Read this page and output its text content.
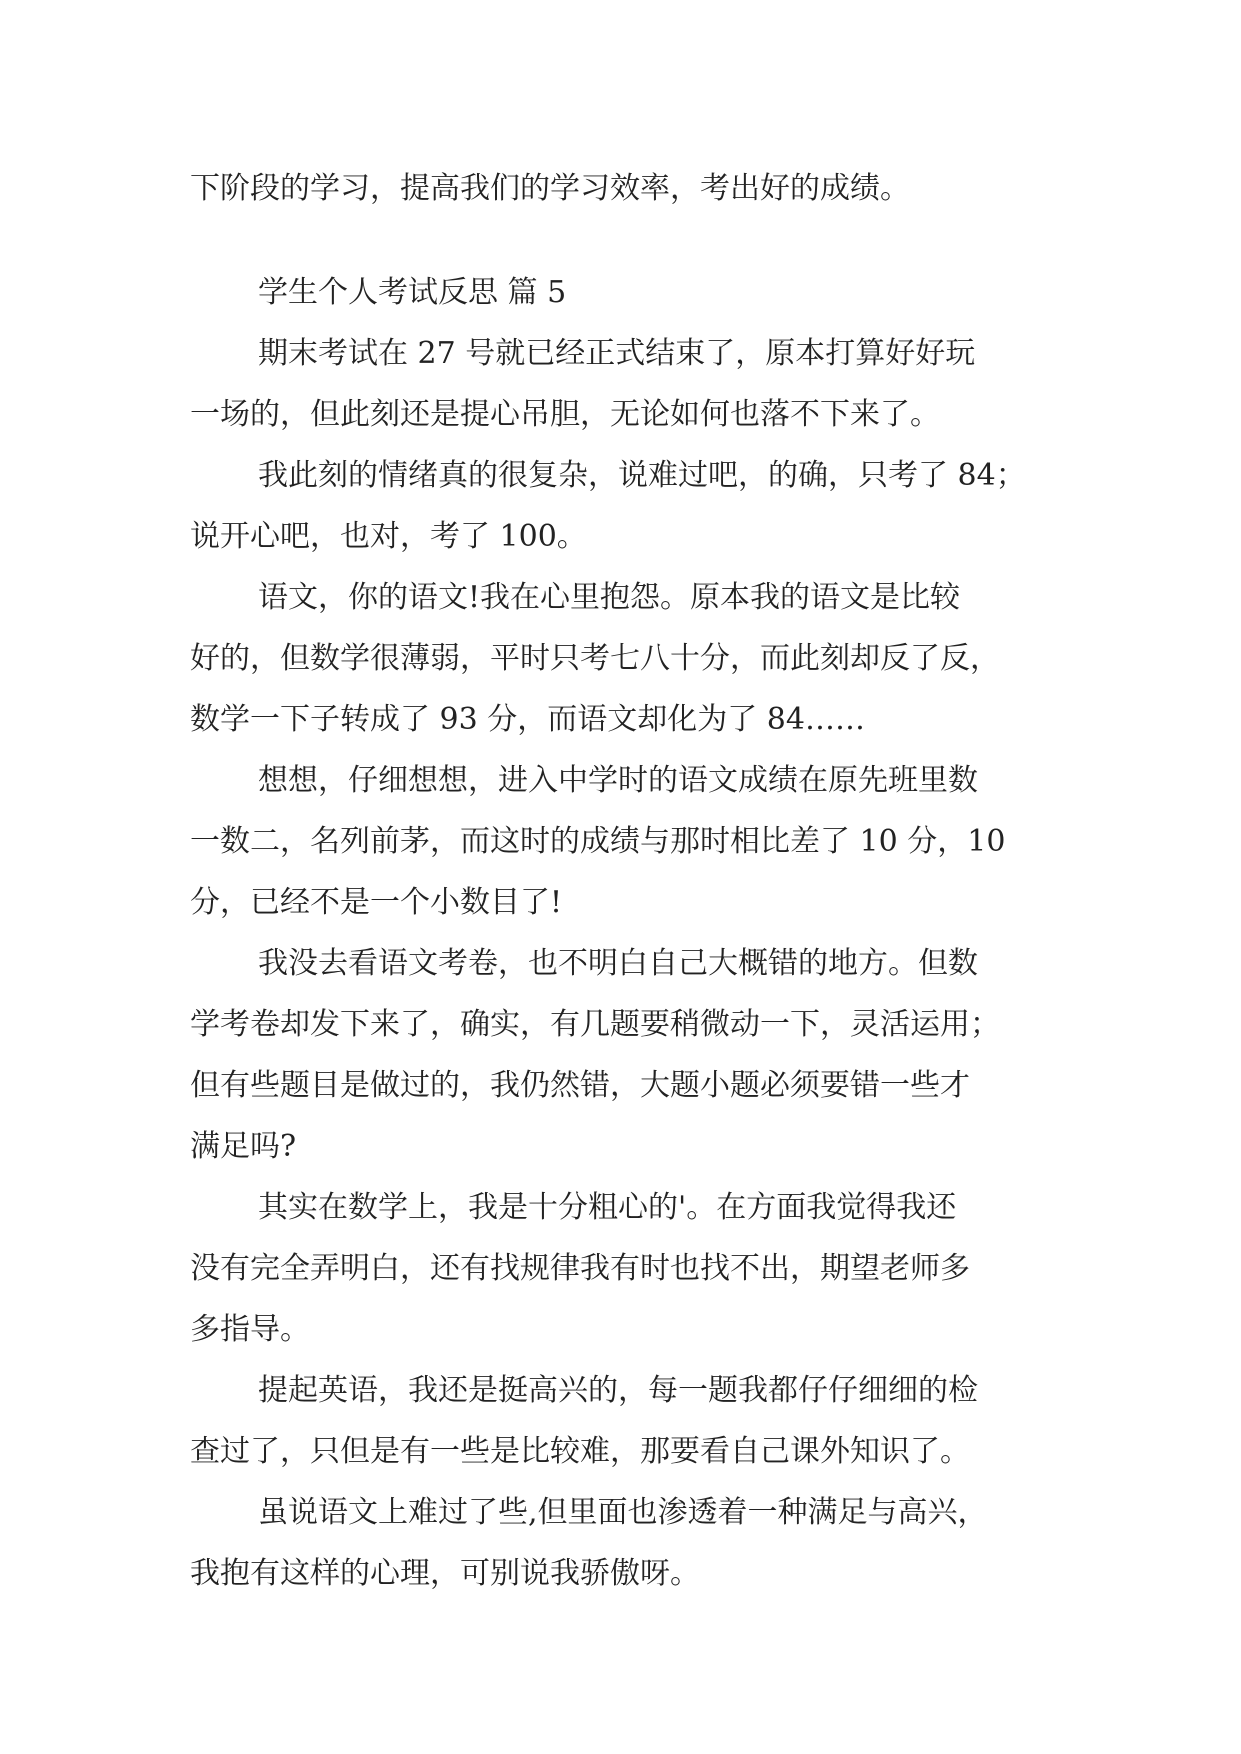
下阶段的学习，提高我们的学习效率，考出好的成绩。
学生个人考试反思 篇 5
期末考试在 27 号就已经正式结束了，原本打算好好玩
一场的，但此刻还是提心吊胆，无论如何也落不下来了。
我此刻的情绪真的很复杂，说难过吧，的确，只考了 84；
说开心吧，也对，考了 100。
语文，你的语文!我在心里抱怨。原本我的语文是比较
好的，但数学很薄弱，平时只考七八十分，而此刻却反了反，
数学一下子转成了 93 分，而语文却化为了 84……
想想，仔细想想，进入中学时的语文成绩在原先班里数
一数二，名列前茅，而这时的成绩与那时相比差了 10 分，10
分，已经不是一个小数目了!
我没去看语文考卷，也不明白自己大概错的地方。但数
学考卷却发下来了，确实，有几题要稍微动一下，灵活运用；
但有些题目是做过的，我仍然错，大题小题必须要错一些才
满足吗?
其实在数学上，我是十分粗心的'。在方面我觉得我还
没有完全弄明白，还有找规律我有时也找不出，期望老师多
多指导。
提起英语，我还是挺高兴的，每一题我都仔仔细细的检
查过了，只但是有一些是比较难，那要看自己课外知识了。
虽说语文上难过了些,但里面也渗透着一种满足与高兴，
我抱有这样的心理，可别说我骄傲呀。
